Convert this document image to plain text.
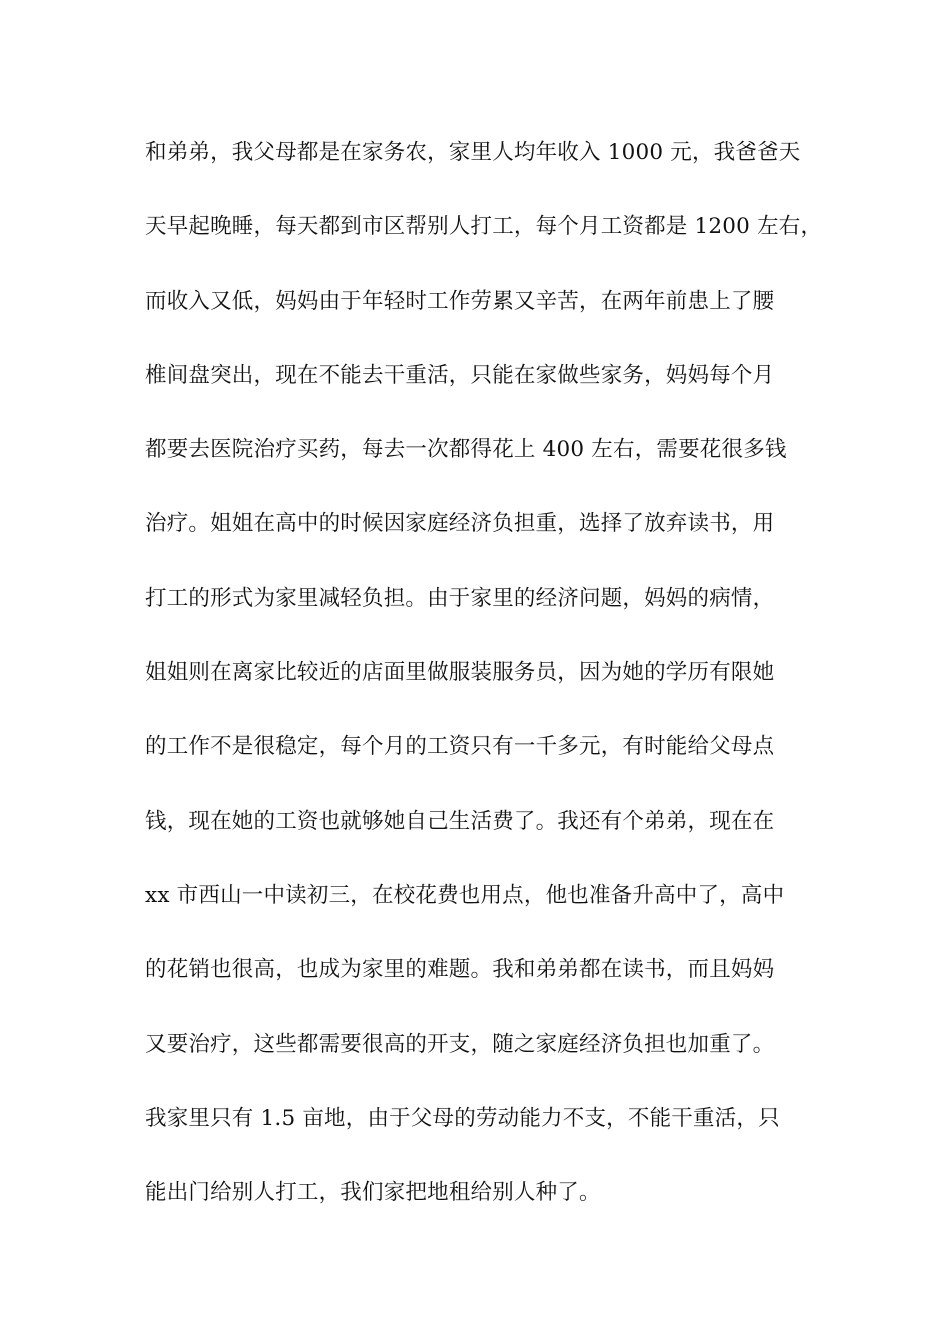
和弟弟，我父母都是在家务农，家里人均年收入 1000 元，我爸爸天
天早起晚睡，每天都到市区帮别人打工，每个月工资都是 1200 左右，
而收入又低，妈妈由于年轻时工作劳累又辛苦，在两年前患上了腰
椎间盘突出，现在不能去干重活，只能在家做些家务，妈妈每个月
都要去医院治疗买药，每去一次都得花上 400 左右，需要花很多钱
治疗。姐姐在高中的时候因家庭经济负担重，选择了放弃读书，用
打工的形式为家里减轻负担。由于家里的经济问题，妈妈的病情，
姐姐则在离家比较近的店面里做服装服务员，因为她的学历有限她
的工作不是很稳定，每个月的工资只有一千多元，有时能给父母点
钱，现在她的工资也就够她自己生活费了。我还有个弟弟，现在在
xx 市西山一中读初三，在校花费也用点，他也准备升高中了，高中
的花销也很高，也成为家里的难题。我和弟弟都在读书，而且妈妈
又要治疗，这些都需要很高的开支，随之家庭经济负担也加重了。
我家里只有 1.5 亩地，由于父母的劳动能力不支，不能干重活，只
能出门给别人打工，我们家把地租给别人种了。
